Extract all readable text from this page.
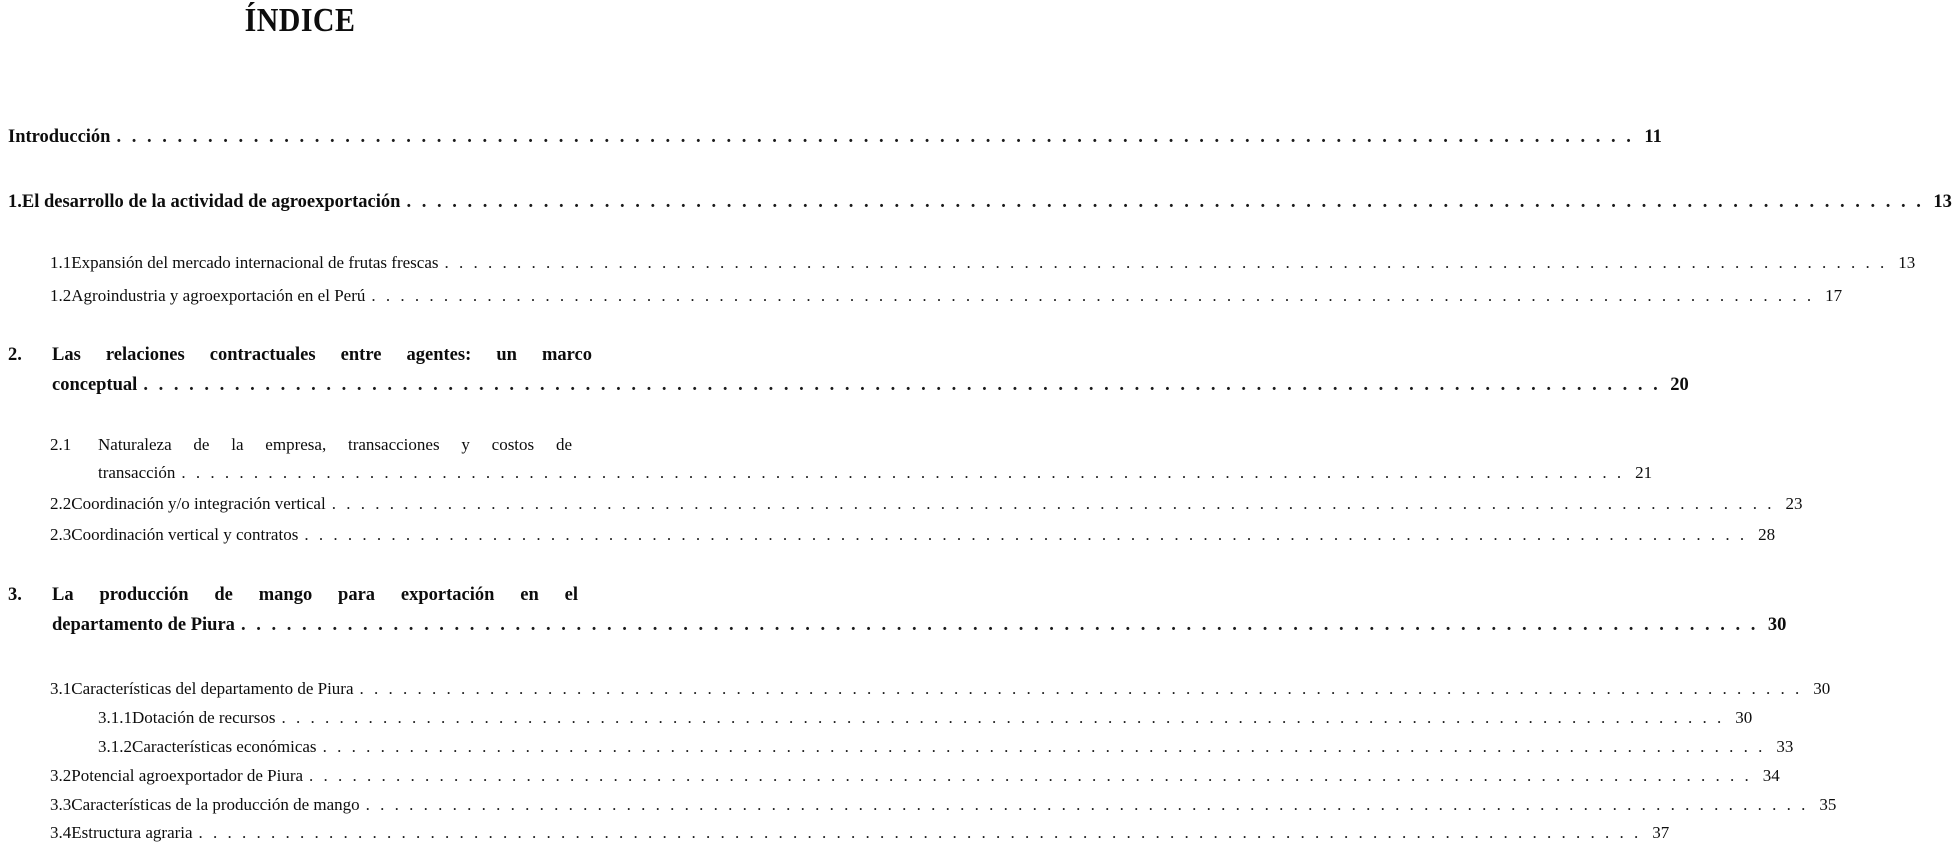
ÍNDICE
Introducción . . . . . . . . . . . . . . . . . . . . . . . . . . . . . . . . . . . . . . . . . . . . . . . . . . . . . . . . . . . . . . . . . . . . . . . . . . . . . . . . . . . . . . . . . . . . . . . . . . . . 11
1. El desarrollo de la actividad de agroexportación . . . . . . . . . . . . . . . . . . . . . . . . . . . . . . . . . . . . . . . . . . . . . . . . . . . . . . . . . . . . . . . . . . . . . . . . . . . . . . . . . . . . . . . . . . . . . . . . . . . . 13
1.1 Expansión del mercado internacional de frutas frescas . . . . . . . . . . . . . . . . . . . . . . . . . . . . . . . . . . . . . . . . . . . . . . . . . . . . . . . . . . . . . . . . . . . . . . . . . . . . . . . . . . . . . . . . . . . . . . . . . . . . 13
1.2 Agroindustria y agroexportación en el Perú . . . . . . . . . . . . . . . . . . . . . . . . . . . . . . . . . . . . . . . . . . . . . . . . . . . . . . . . . . . . . . . . . . . . . . . . . . . . . . . . . . . . . . . . . . . . . . . . . . . . 17
2. Las relaciones contractuales entre agentes: un marco
conceptual . . . . . . . . . . . . . . . . . . . . . . . . . . . . . . . . . . . . . . . . . . . . . . . . . . . . . . . . . . . . . . . . . . . . . . . . . . . . . . . . . . . . . . . . . . . . . . . . . . . . 20
2.1 Naturaleza de la empresa, transacciones y costos de
transacción . . . . . . . . . . . . . . . . . . . . . . . . . . . . . . . . . . . . . . . . . . . . . . . . . . . . . . . . . . . . . . . . . . . . . . . . . . . . . . . . . . . . . . . . . . . . . . . . . . . . 21
2.2 Coordinación y/o integración vertical . . . . . . . . . . . . . . . . . . . . . . . . . . . . . . . . . . . . . . . . . . . . . . . . . . . . . . . . . . . . . . . . . . . . . . . . . . . . . . . . . . . . . . . . . . . . . . . . . . . . 23
2.3 Coordinación vertical y contratos . . . . . . . . . . . . . . . . . . . . . . . . . . . . . . . . . . . . . . . . . . . . . . . . . . . . . . . . . . . . . . . . . . . . . . . . . . . . . . . . . . . . . . . . . . . . . . . . . . . . 28
3. La producción de mango para exportación en el
departamento de Piura . . . . . . . . . . . . . . . . . . . . . . . . . . . . . . . . . . . . . . . . . . . . . . . . . . . . . . . . . . . . . . . . . . . . . . . . . . . . . . . . . . . . . . . . . . . . . . . . . . . . 30
3.1 Características del departamento de Piura . . . . . . . . . . . . . . . . . . . . . . . . . . . . . . . . . . . . . . . . . . . . . . . . . . . . . . . . . . . . . . . . . . . . . . . . . . . . . . . . . . . . . . . . . . . . . . . . . . . . 30
3.1.1 Dotación de recursos . . . . . . . . . . . . . . . . . . . . . . . . . . . . . . . . . . . . . . . . . . . . . . . . . . . . . . . . . . . . . . . . . . . . . . . . . . . . . . . . . . . . . . . . . . . . . . . . . . . . 30
3.1.2 Características económicas . . . . . . . . . . . . . . . . . . . . . . . . . . . . . . . . . . . . . . . . . . . . . . . . . . . . . . . . . . . . . . . . . . . . . . . . . . . . . . . . . . . . . . . . . . . . . . . . . . . . 33
3.2 Potencial agroexportador de Piura . . . . . . . . . . . . . . . . . . . . . . . . . . . . . . . . . . . . . . . . . . . . . . . . . . . . . . . . . . . . . . . . . . . . . . . . . . . . . . . . . . . . . . . . . . . . . . . . . . . . 34
3.3 Características de la producción de mango . . . . . . . . . . . . . . . . . . . . . . . . . . . . . . . . . . . . . . . . . . . . . . . . . . . . . . . . . . . . . . . . . . . . . . . . . . . . . . . . . . . . . . . . . . . . . . . . . . . . 35
3.4 Estructura agraria . . . . . . . . . . . . . . . . . . . . . . . . . . . . . . . . . . . . . . . . . . . . . . . . . . . . . . . . . . . . . . . . . . . . . . . . . . . . . . . . . . . . . . . . . . . . . . . . . . . . 37
